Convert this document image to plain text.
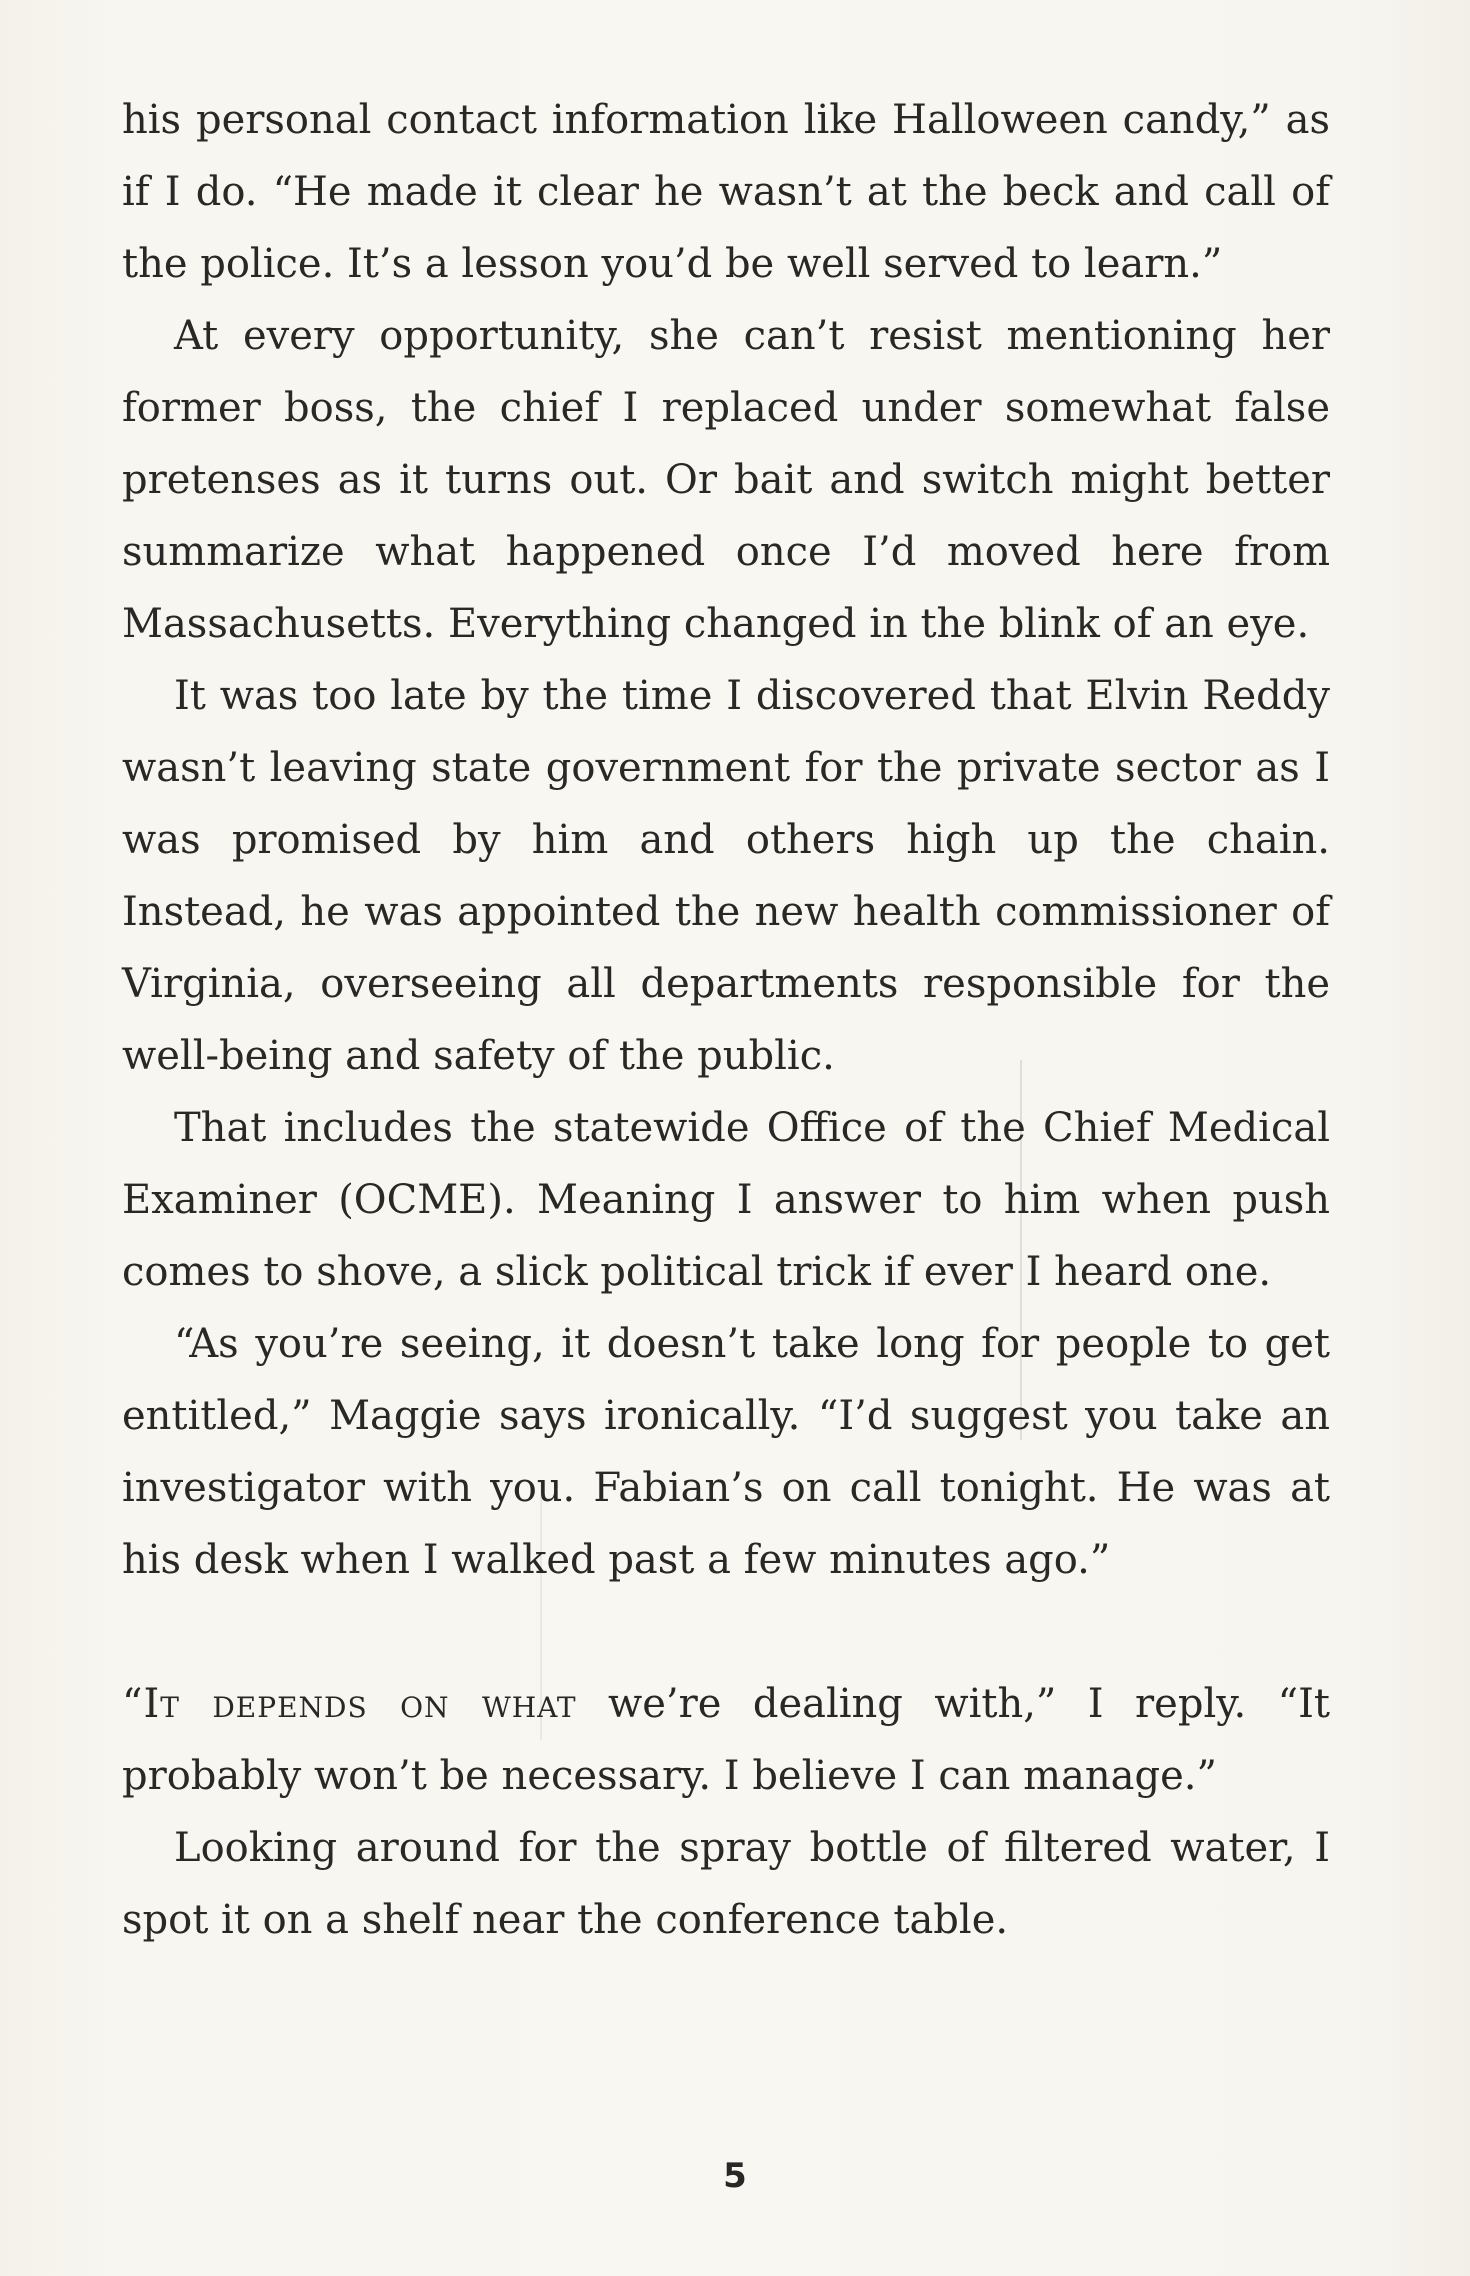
his personal contact information like Halloween candy,” as if I do. “He made it clear he wasn’t at the beck and call of the police. It’s a lesson you’d be well served to learn.”

At every opportunity, she can’t resist mentioning her former boss, the chief I replaced under somewhat false pretenses as it turns out. Or bait and switch might better summarize what happened once I’d moved here from Massachusetts. Everything changed in the blink of an eye.

It was too late by the time I discovered that Elvin Reddy wasn’t leaving state government for the private sector as I was promised by him and others high up the chain. Instead, he was appointed the new health commissioner of Virginia, overseeing all departments responsible for the well-being and safety of the public.

That includes the statewide Office of the Chief Medical Examiner (OCME). Meaning I answer to him when push comes to shove, a slick political trick if ever I heard one.

“As you’re seeing, it doesn’t take long for people to get entitled,” Maggie says ironically. “I’d suggest you take an investigator with you. Fabian’s on call tonight. He was at his desk when I walked past a few minutes ago.”

“It depends on what we’re dealing with,” I reply. “It probably won’t be necessary. I believe I can manage.”

Looking around for the spray bottle of filtered water, I spot it on a shelf near the conference table.

5
